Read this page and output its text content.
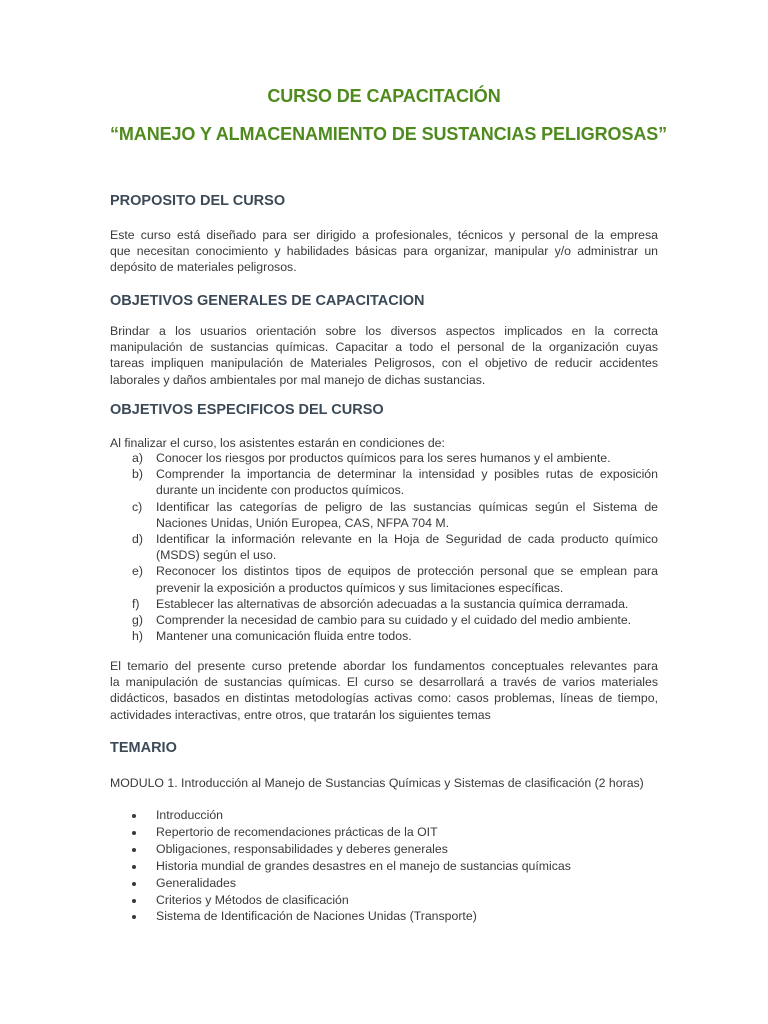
CURSO DE CAPACITACIÓN
“MANEJO Y ALMACENAMIENTO DE SUSTANCIAS PELIGROSAS”
PROPOSITO DEL CURSO
Este curso está diseñado para ser dirigido a profesionales, técnicos y personal de la empresa
que necesitan conocimiento y habilidades básicas para organizar, manipular y/o administrar un
depósito de materiales peligrosos.
OBJETIVOS GENERALES DE CAPACITACION
Brindar a los usuarios orientación sobre los diversos aspectos implicados en la correcta
manipulación de sustancias químicas. Capacitar a todo el personal de la organización cuyas
tareas impliquen manipulación de Materiales Peligrosos, con el objetivo de reducir accidentes
laborales y daños ambientales por mal manejo de dichas sustancias.
OBJETIVOS ESPECIFICOS DEL CURSO
Al finalizar el curso, los asistentes estarán en condiciones de:
a) Conocer los riesgos por productos químicos para los seres humanos y el ambiente.
b) Comprender la importancia de determinar la intensidad y posibles rutas de exposición
durante un incidente con productos químicos.
c) Identificar las categorías de peligro de las sustancias químicas según el Sistema de
Naciones Unidas, Unión Europea, CAS, NFPA 704 M.
d) Identificar la información relevante en la Hoja de Seguridad de cada producto químico
(MSDS) según el uso.
e) Reconocer los distintos tipos de equipos de protección personal que se emplean para
prevenir la exposición a productos químicos y sus limitaciones específicas.
f) Establecer las alternativas de absorción adecuadas a la sustancia química derramada.
g) Comprender la necesidad de cambio para su cuidado y el cuidado del medio ambiente.
h) Mantener una comunicación fluida entre todos.
El temario del presente curso pretende abordar los fundamentos conceptuales relevantes para
la manipulación de sustancias químicas. El curso se desarrollará a través de varios materiales
didácticos, basados en distintas metodologías activas como: casos problemas, líneas de tiempo,
actividades interactivas, entre otros, que tratarán los siguientes temas
TEMARIO
MODULO 1. Introducción al Manejo de Sustancias Químicas y Sistemas de clasificación (2 horas)
Introducción
Repertorio de recomendaciones prácticas de la OIT
Obligaciones, responsabilidades y deberes generales
Historia mundial de grandes desastres en el manejo de sustancias químicas
Generalidades
Criterios y Métodos de clasificación
Sistema de Identificación de Naciones Unidas (Transporte)
